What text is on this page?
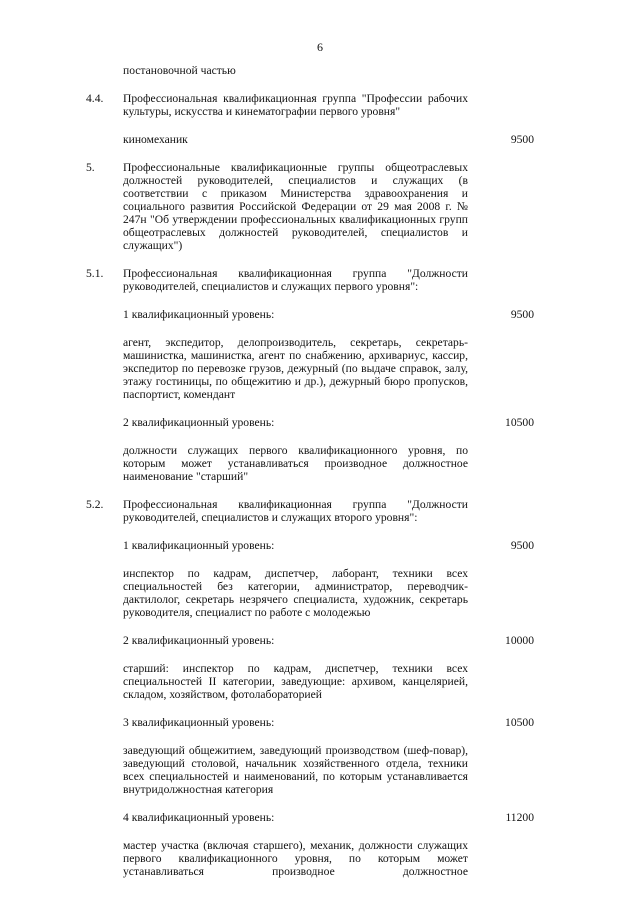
6
постановочной частью
4.4.	Профессиональная квалификационная группа "Профессии рабочих культуры, искусства и кинематографии первого уровня"
киномеханик	9500
5.	Профессиональные квалификационные группы общеотраслевых должностей руководителей, специалистов и служащих (в соответствии с приказом Министерства здравоохранения и социального развития Российской Федерации от 29 мая 2008 г. № 247н "Об утверждении профессиональных квалификационных групп общеотраслевых должностей руководителей, специалистов и служащих")
5.1.	Профессиональная квалификационная группа "Должности руководителей, специалистов и служащих первого уровня":
1 квалификационный уровень:	9500
агент, экспедитор, делопроизводитель, секретарь, секретарь-машинистка, машинистка, агент по снабжению, архивариус, кассир, экспедитор по перевозке грузов, дежурный (по выдаче справок, залу, этажу гостиницы, по общежитию и др.), дежурный бюро пропусков, паспортист, комендант
2 квалификационный уровень:	10500
должности служащих первого квалификационного уровня, по которым может устанавливаться производное должностное наименование "старший"
5.2.	Профессиональная квалификационная группа "Должности руководителей, специалистов и служащих второго уровня":
1 квалификационный уровень:	9500
инспектор по кадрам, диспетчер, лаборант, техники всех специальностей без категории, администратор, переводчик-дактилолог, секретарь незрячего специалиста, художник, секретарь руководителя, специалист по работе с молодежью
2 квалификационный уровень:	10000
старший: инспектор по кадрам, диспетчер, техники всех специальностей II категории, заведующие: архивом, канцелярией, складом, хозяйством, фотолабораторией
3 квалификационный уровень:	10500
заведующий общежитием, заведующий производством (шеф-повар), заведующий столовой, начальник хозяйственного отдела, техники всех специальностей и наименований, по которым устанавливается внутридолжностная категория
4 квалификационный уровень:	11200
мастер участка (включая старшего), механик, должности служащих первого квалификационного уровня, по которым может устанавливаться производное должностное
